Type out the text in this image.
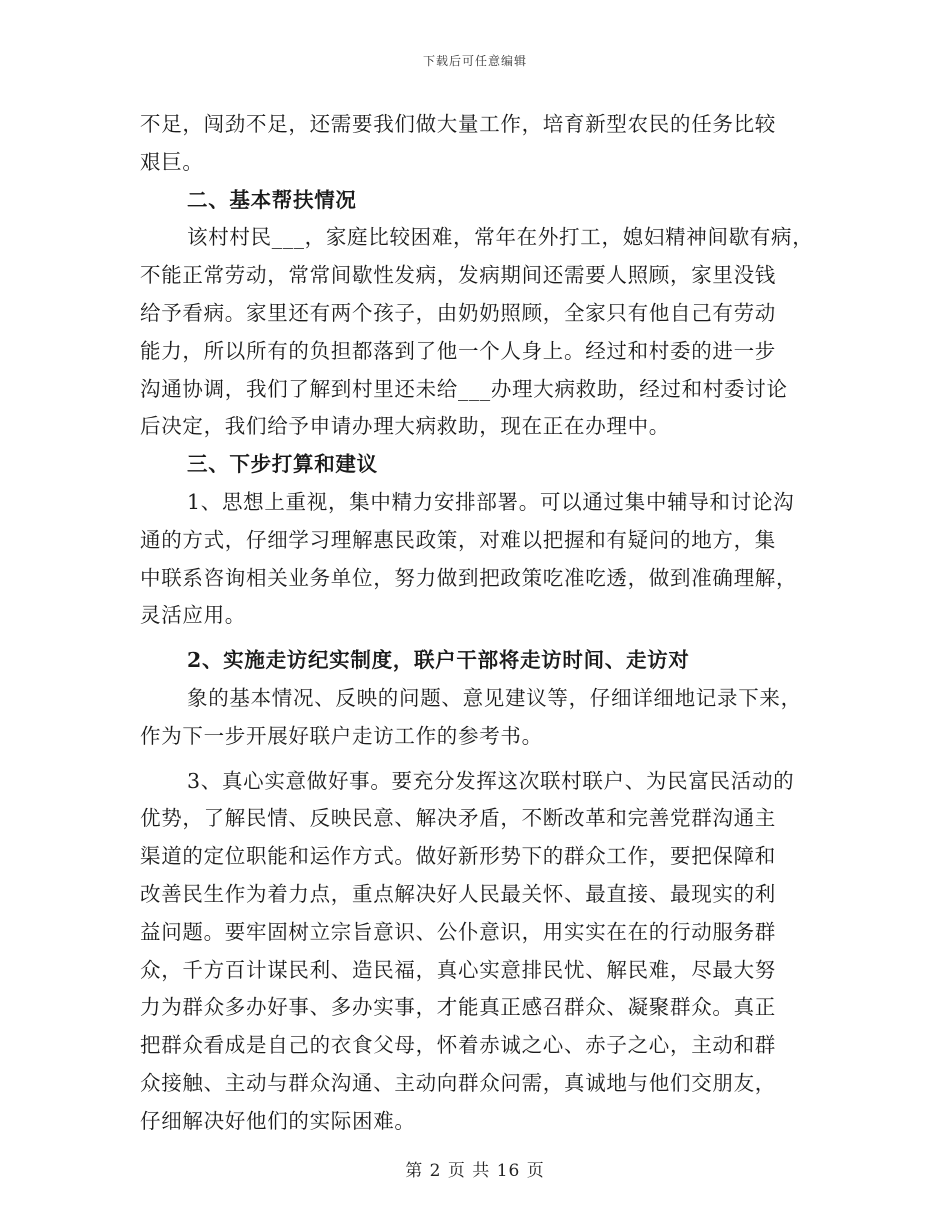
下载后可任意编辑
不足，闯劲不足，还需要我们做大量工作，培育新型农民的任务比较
艰巨。
二、基本帮扶情况
该村村民___，家庭比较困难，常年在外打工，媳妇精神间歇有病，
不能正常劳动，常常间歇性发病，发病期间还需要人照顾，家里没钱
给予看病。家里还有两个孩子，由奶奶照顾，全家只有他自己有劳动
能力，所以所有的负担都落到了他一个人身上。经过和村委的进一步
沟通协调，我们了解到村里还未给___办理大病救助，经过和村委讨论
后决定，我们给予申请办理大病救助，现在正在办理中。
三、下步打算和建议
1、思想上重视，集中精力安排部署。可以通过集中辅导和讨论沟
通的方式，仔细学习理解惠民政策，对难以把握和有疑问的地方，集
中联系咨询相关业务单位，努力做到把政策吃准吃透，做到准确理解，
灵活应用。
2、实施走访纪实制度，联户干部将走访时间、走访对
象的基本情况、反映的问题、意见建议等，仔细详细地记录下来，
作为下一步开展好联户走访工作的参考书。
3、真心实意做好事。要充分发挥这次联村联户、为民富民活动的
优势，了解民情、反映民意、解决矛盾，不断改革和完善党群沟通主
渠道的定位职能和运作方式。做好新形势下的群众工作，要把保障和
改善民生作为着力点，重点解决好人民最关怀、最直接、最现实的利
益问题。要牢固树立宗旨意识、公仆意识，用实实在在的行动服务群
众，千方百计谋民利、造民福，真心实意排民忧、解民难，尽最大努
力为群众多办好事、多办实事，才能真正感召群众、凝聚群众。真正
把群众看成是自己的衣食父母，怀着赤诚之心、赤子之心，主动和群
众接触、主动与群众沟通、主动向群众问需，真诚地与他们交朋友，
仔细解决好他们的实际困难。
第 2 页 共 16 页
